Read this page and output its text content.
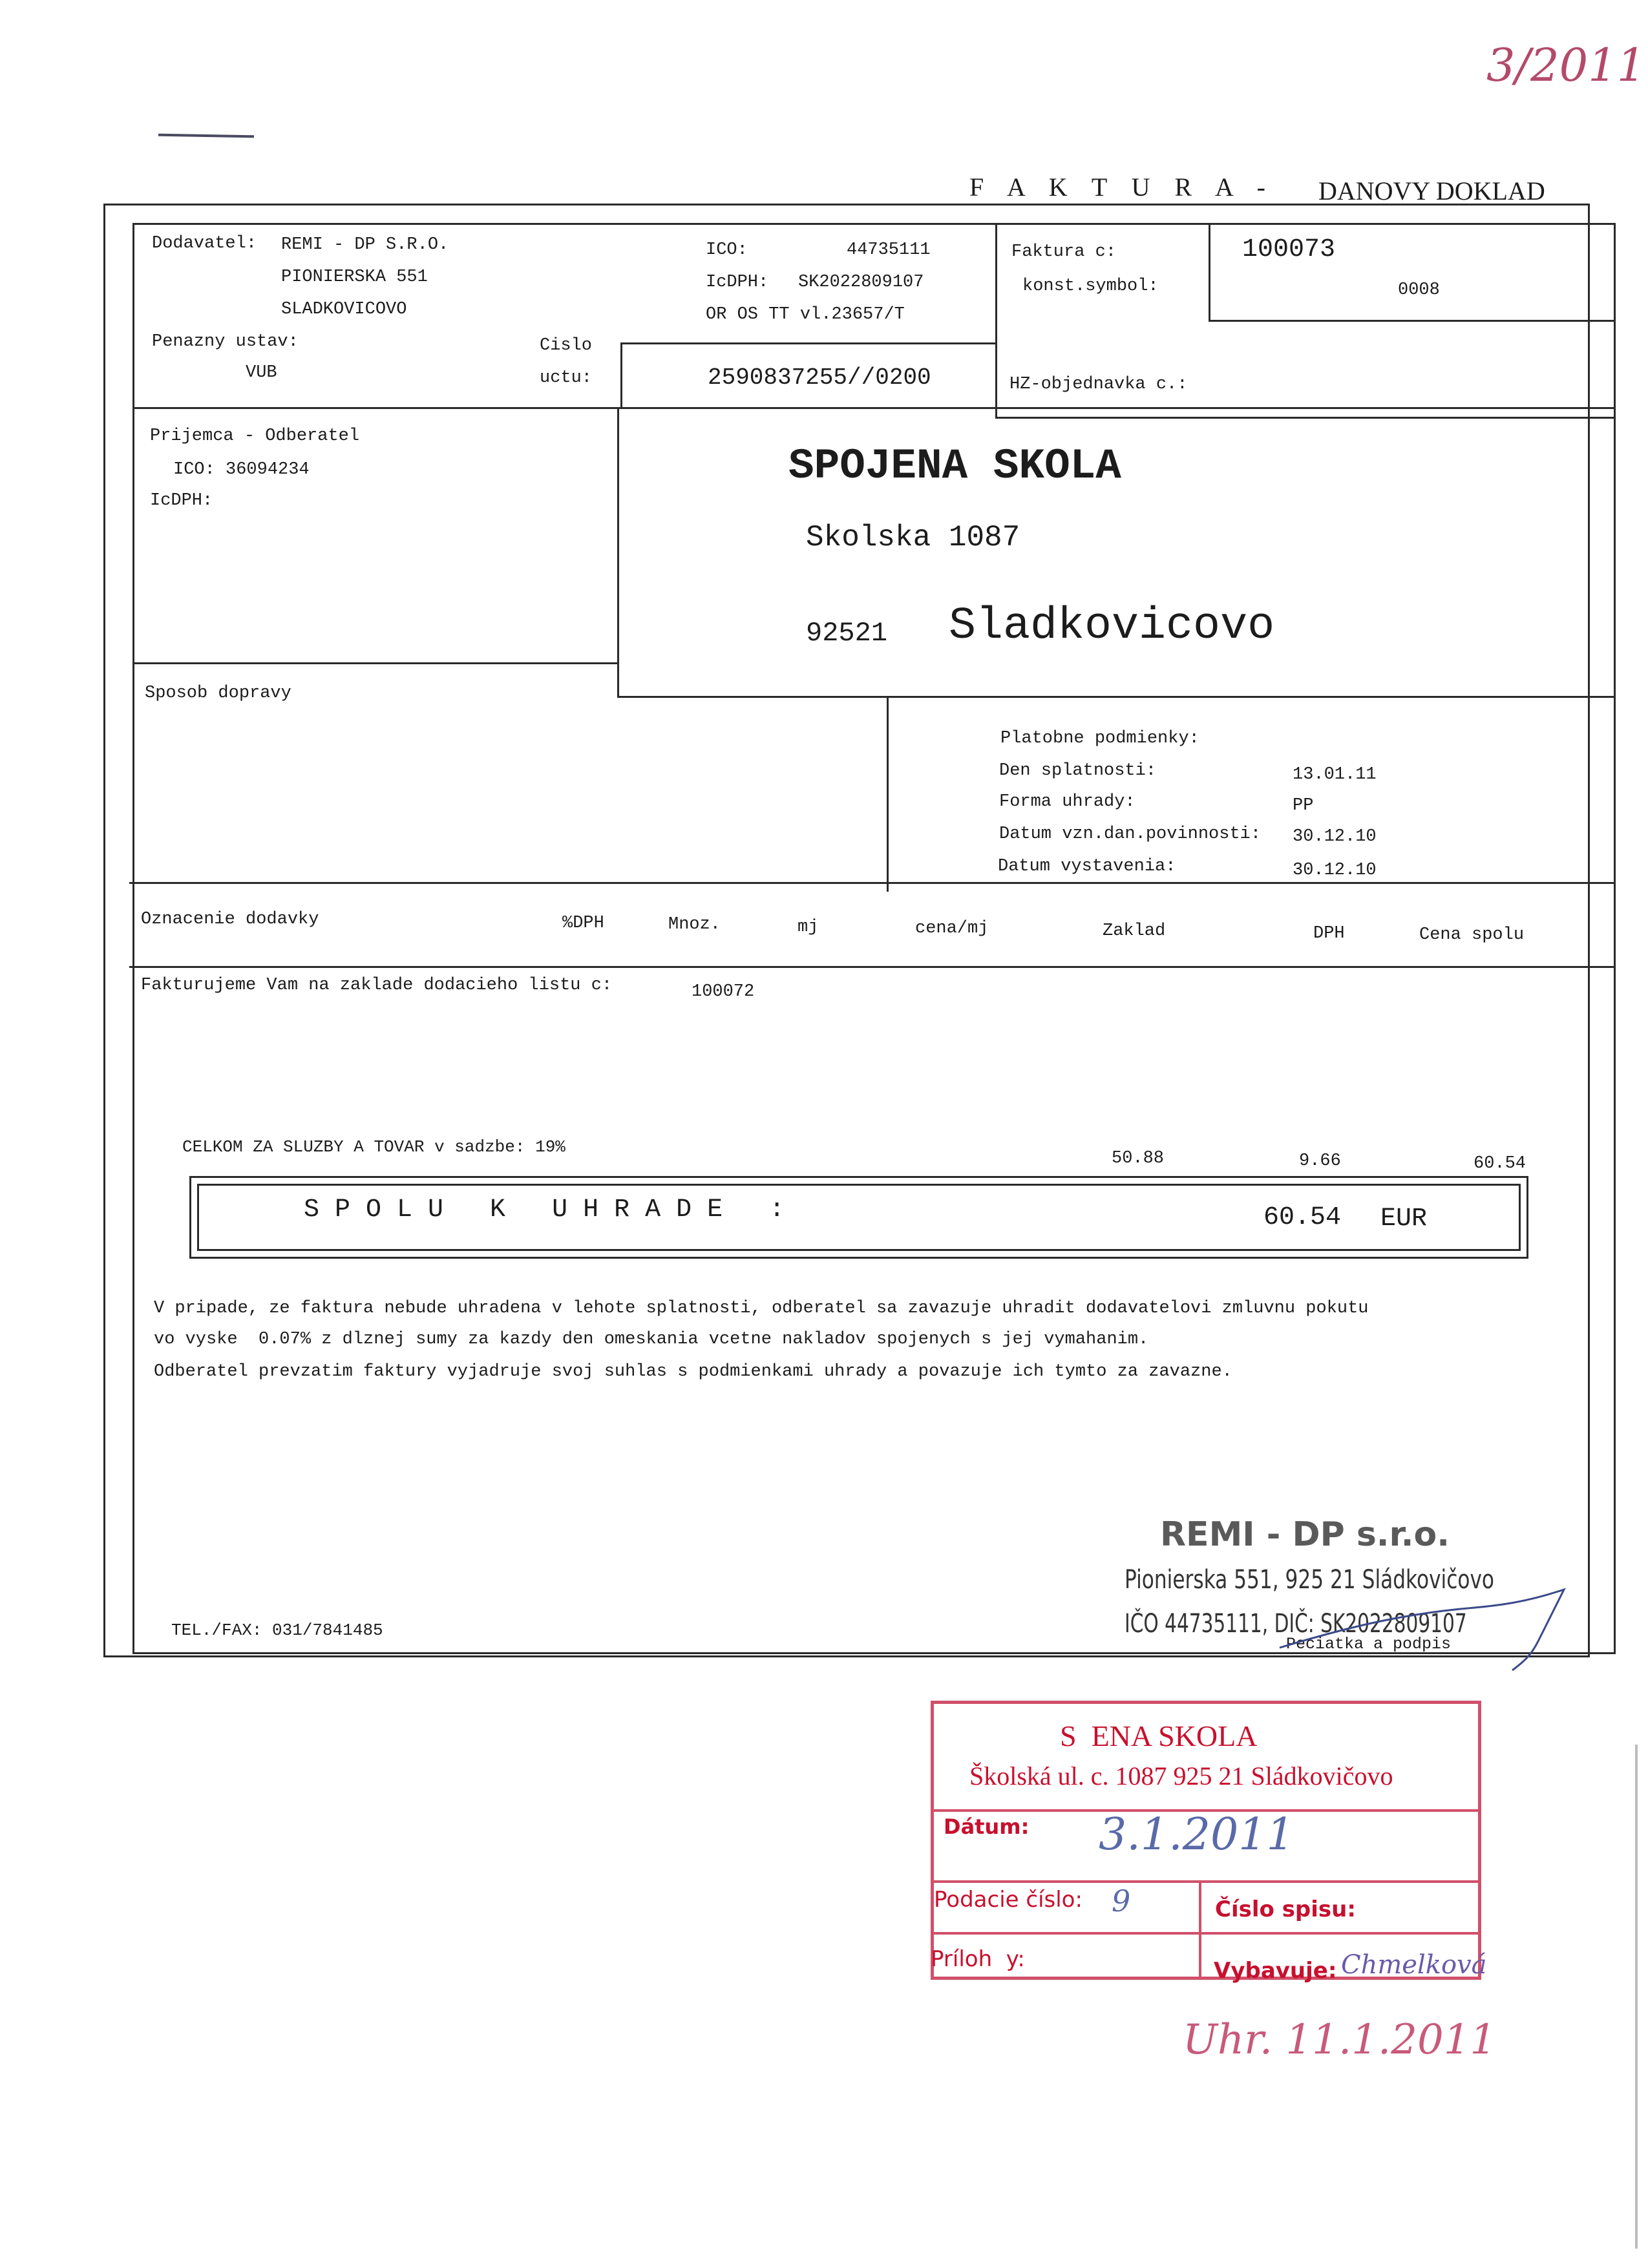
3/2011
F A K T U R A - DANOVY DOKLAD
Dodavatel: REMI - DP S.R.O.
PIONIERSKA 551
SLADKOVICOVO
Penazny ustav:
VUB
Cislo
uctu:	2590837255//0200
ICO:	44735111
IcDPH: SK2022809107
OR OS TT vl.23657/T
Faktura c:	100073
konst.symbol:	0008
HZ-objednavka c.:
Prijemca - Odberatel
ICO: 36094234
IcDPH:
SPOJENA SKOLA
Skolska 1087
92521 Sladkovicovo
Sposob dopravy
Platobne podmienky:
Den splatnosti:	13.01.11
Forma uhrady:	PP
Datum vzn.dan.povinnosti: 30.12.10
Datum vystavenia:	30.12.10
Oznacenie dodavky	%DPH	Mnoz.	mj	cena/mj	Zaklad	DPH	Cena spolu
Fakturujeme Vam na zaklade dodacieho listu c:	100072
CELKOM ZA SLUZBY A TOVAR v sadzbe: 19%
50.88	9.66	60.54
S P O L U   K   U H R A D E   :	60.54 EUR
V pripade, ze faktura nebude uhradena v lehote splatnosti, odberatel sa zavazuje uhradit dodavatelovi zmluvnu pokutu
vo vyske  0.07% z dlznej sumy za kazdy den omeskania vcetne nakladov spojenych s jej vymahanim.
Odberatel prevzatim faktury vyjadruje svoj suhlas s podmienkami uhrady a povazuje ich tymto za zavazne.
TEL./FAX: 031/7841485
REMI - DP s.r.o.
Pionierska 551, 925 21 Sládkovičovo
IČO 44735111, DIČ: SK2022809107
Peciatka a podpis
S  ENA SKOLA
Školská ul. c. 1087 925 21 Sládkovičovo
Dátum: 3.1.2011
Podacie číslo: 9	Číslo spisu:
Príloh  y:	Vybavuje: Chmelková
Uhr. 11.1.2011
